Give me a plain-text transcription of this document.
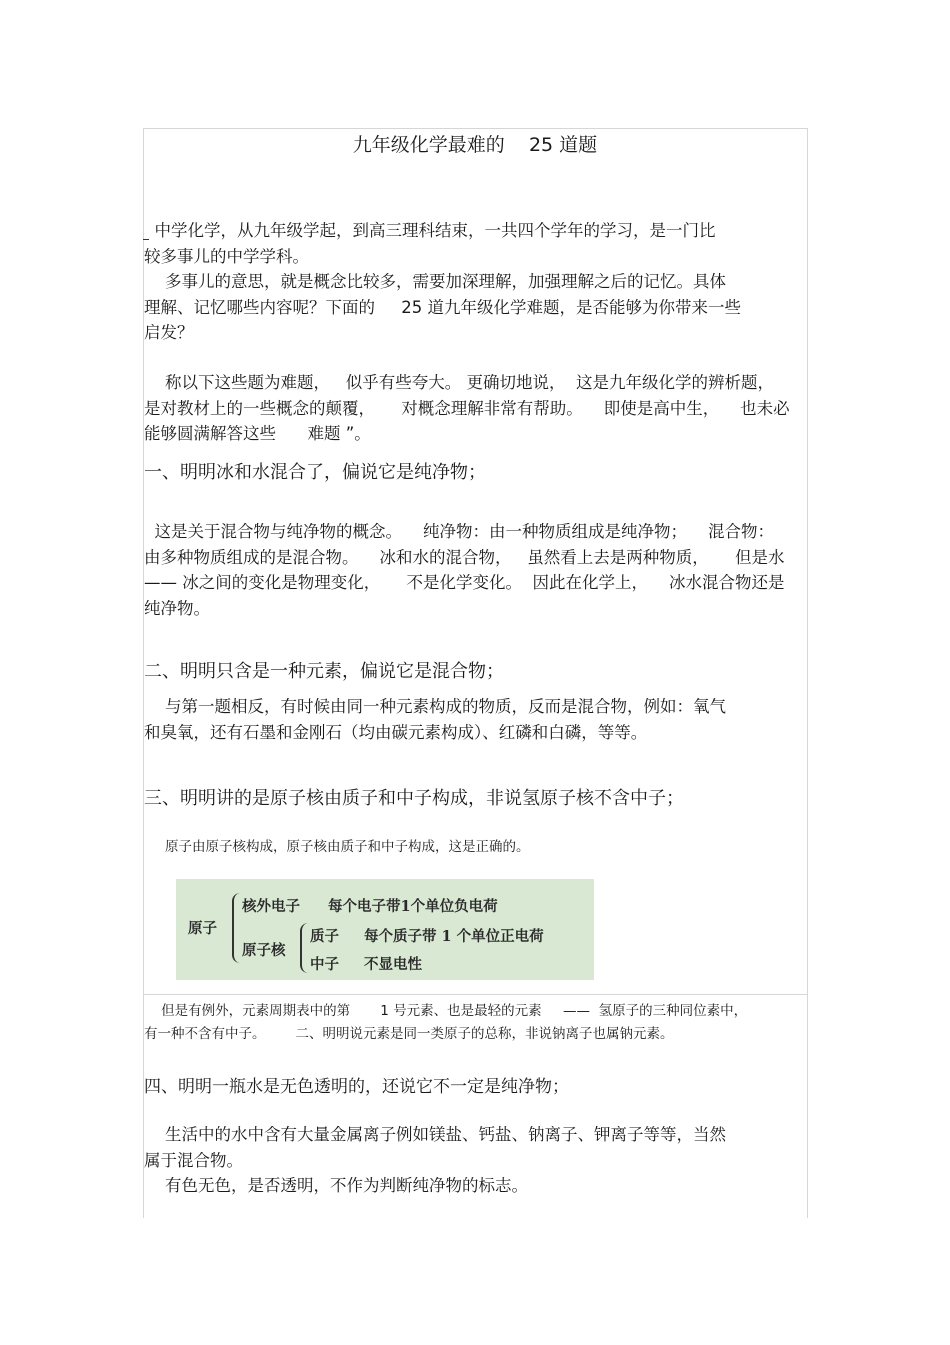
九年级化学最难的    25 道题

中学化学，从九年级学起，到高三理科结束，一共四个学年的学习，是一门比
较多事儿的中学学科。

多事儿的意思，就是概念比较多，需要加深理解，加强理解之后的记忆。具体
理解、记忆哪些内容呢？下面的     25 道九年级化学难题，是否能够为你带来一些
启发？

称以下这些题为难题，   似乎有些夸大。 更确切地说，  这是九年级化学的辨析题，
是对教材上的一些概念的颠覆，     对概念理解非常有帮助。    即使是高中生，    也未必
能够圆满解答这些      难题 ”。

一、明明冰和水混合了，偏说它是纯净物；

这是关于混合物与纯净物的概念。    纯净物：由一种物质组成是纯净物；    混合物：
由多种物质组成的是混合物。    冰和水的混合物，   虽然看上去是两种物质，     但是水
—— 冰之间的变化是物理变化，     不是化学变化。  因此在化学上，    冰水混合物还是
纯净物。

二、明明只含是一种元素，偏说它是混合物；

与第一题相反，有时候由同一种元素构成的物质，反而是混合物，例如：氧气
和臭氧，还有石墨和金刚石（均由碳元素构成）、红磷和白磷，等等。

三、明明讲的是原子核由质子和中子构成，非说氢原子核不含中子；
原子由原子核构成，原子核由质子和中子构成，这是正确的。
原子
核外电子 每个电子带1个单位负电荷
原子核
质子 每个质子带 1 个单位正电荷
中子 不显电性

但是有例外，元素周期表中的第       1 号元素、也是最轻的元素     ——  氢原子的三种同位素中，
有一种不含有中子。       二、明明说元素是同一类原子的总称，非说钠离子也属钠元素。

四、明明一瓶水是无色透明的，还说它不一定是纯净物；

生活中的水中含有大量金属离子例如镁盐、钙盐、钠离子、钾离子等等，当然
属于混合物。
有色无色，是否透明，不作为判断纯净物的标志。
